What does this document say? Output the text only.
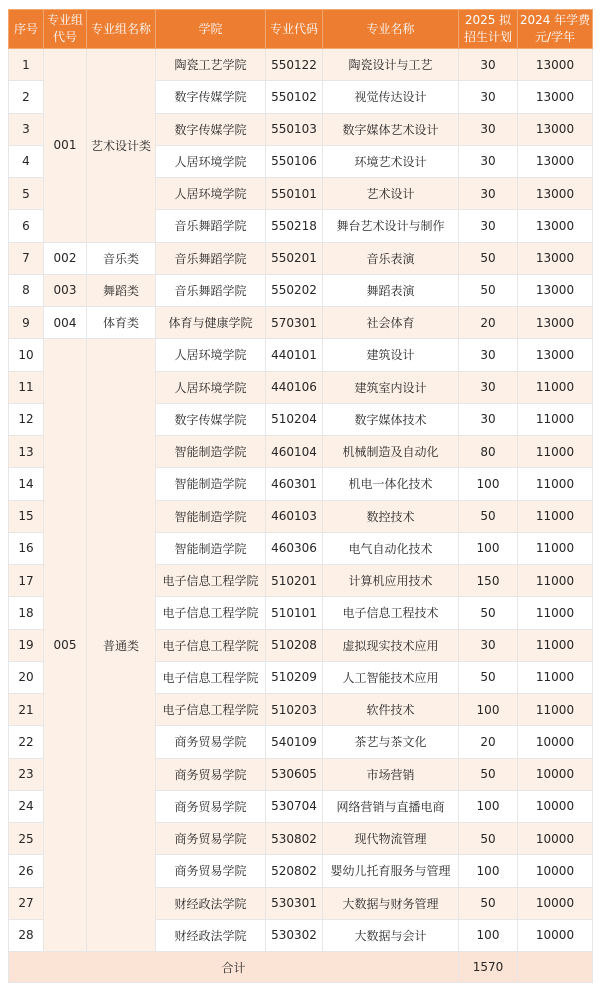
序号	专业组代号	专业组名称	学院	专业代码	专业名称	2025 拟招生计划	2024 年学费元/学年
1	001	艺术设计类	陶瓷工艺学院	550122	陶瓷设计与工艺	30	13000
2			数字传媒学院	550102	视觉传达设计	30	13000
3			数字传媒学院	550103	数字媒体艺术设计	30	13000
4			人居环境学院	550106	环境艺术设计	30	13000
5			人居环境学院	550101	艺术设计	30	13000
6			音乐舞蹈学院	550218	舞台艺术设计与制作	30	13000
7	002	音乐类	音乐舞蹈学院	550201	音乐表演	50	13000
8	003	舞蹈类	音乐舞蹈学院	550202	舞蹈表演	50	13000
9	004	体育类	体育与健康学院	570301	社会体育	20	13000
10	005	普通类	人居环境学院	440101	建筑设计	30	13000
11			人居环境学院	440106	建筑室内设计	30	11000
12			数字传媒学院	510204	数字媒体技术	30	11000
13			智能制造学院	460104	机械制造及自动化	80	11000
14			智能制造学院	460301	机电一体化技术	100	11000
15			智能制造学院	460103	数控技术	50	11000
16			智能制造学院	460306	电气自动化技术	100	11000
17			电子信息工程学院	510201	计算机应用技术	150	11000
18			电子信息工程学院	510101	电子信息工程技术	50	11000
19			电子信息工程学院	510208	虚拟现实技术应用	30	11000
20			电子信息工程学院	510209	人工智能技术应用	50	11000
21			电子信息工程学院	510203	软件技术	100	11000
22			商务贸易学院	540109	茶艺与茶文化	20	10000
23			商务贸易学院	530605	市场营销	50	10000
24			商务贸易学院	530704	网络营销与直播电商	100	10000
25			商务贸易学院	530802	现代物流管理	50	10000
26			商务贸易学院	520802	婴幼儿托育服务与管理	100	10000
27			财经政法学院	530301	大数据与财务管理	50	10000
28			财经政法学院	530302	大数据与会计	100	10000
合计						1570	
